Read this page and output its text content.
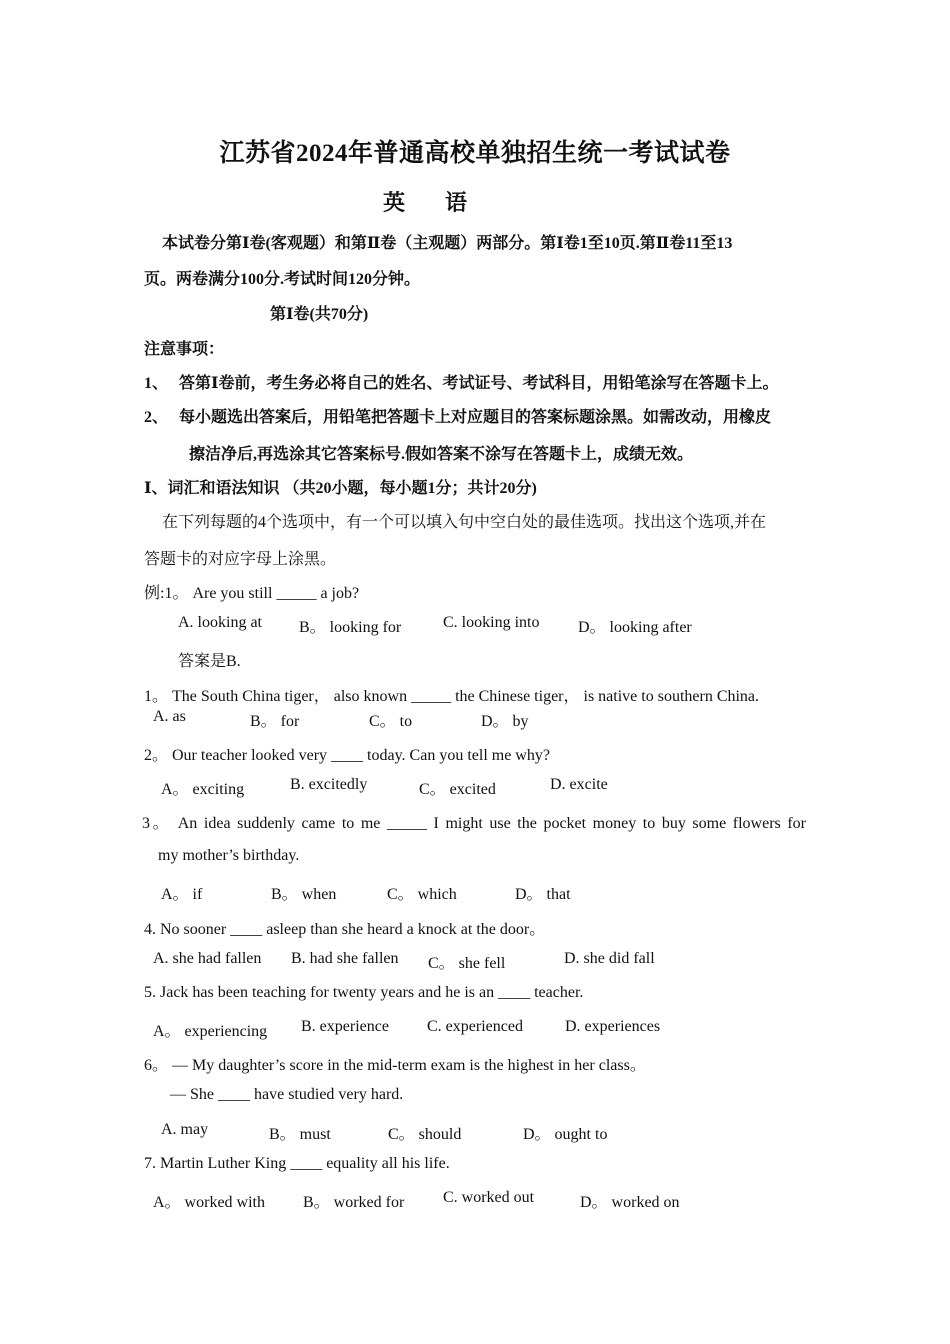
江苏省2024年普通高校单独招生统一考试试卷
英语
本试卷分第Ⅰ卷(客观题）和第Ⅱ卷（主观题）两部分。第Ⅰ卷1至10页.第Ⅱ卷11至13
页。两卷满分100分.考试时间120分钟。
第Ⅰ卷(共70分)
注意事项：
1、 答第Ⅰ卷前，考生务必将自己的姓名、考试证号、考试科目，用铅笔涂写在答题卡上。
2、 每小题选出答案后，用铅笔把答题卡上对应题目的答案标题涂黑。如需改动，用橡皮
擦洁净后,再选涂其它答案标号.假如答案不涂写在答题卡上，成绩无效。
Ⅰ、词汇和语法知识 （共20小题，每小题1分；共计20分)
在下列每题的4个选项中，有一个可以填入句中空白处的最佳选项。找出这个选项,并在
答题卡的对应字母上涂黑。
例:1。 Are you still _____ a job?
A. looking at B。 looking for	C. looking into D。 looking after
答案是B.
1。 The South China tiger， also known _____ the Chinese tiger， is native to southern China.
A. as	B。 for	C。 to	D。 by
2。 Our teacher looked very ____ today. Can you tell me why?
A。 exciting	B. excitedly	C。 excited	D. excite
3。 An idea suddenly came to me _____ I might use the pocket money to buy some flowers for
my mother’s birthday.
A。 if	B。 when	C。 which	D。 that
4. No sooner ____ asleep than she heard a knock at the door。
A. she had fallen B. had she fallen C。 she fell	D. she did fall
5. Jack has been teaching for twenty years and he is an ____ teacher.
A。 experiencing B. experience C. experienced	D. experiences
6。 — My daughter’s score in the mid-term exam is the highest in her class。
— She ____ have studied very hard.
A. may	B。 must	C。 should	D。 ought to
7. Martin Luther King ____ equality all his life.
A。 worked with B。 worked for C. worked out	D。 worked on
